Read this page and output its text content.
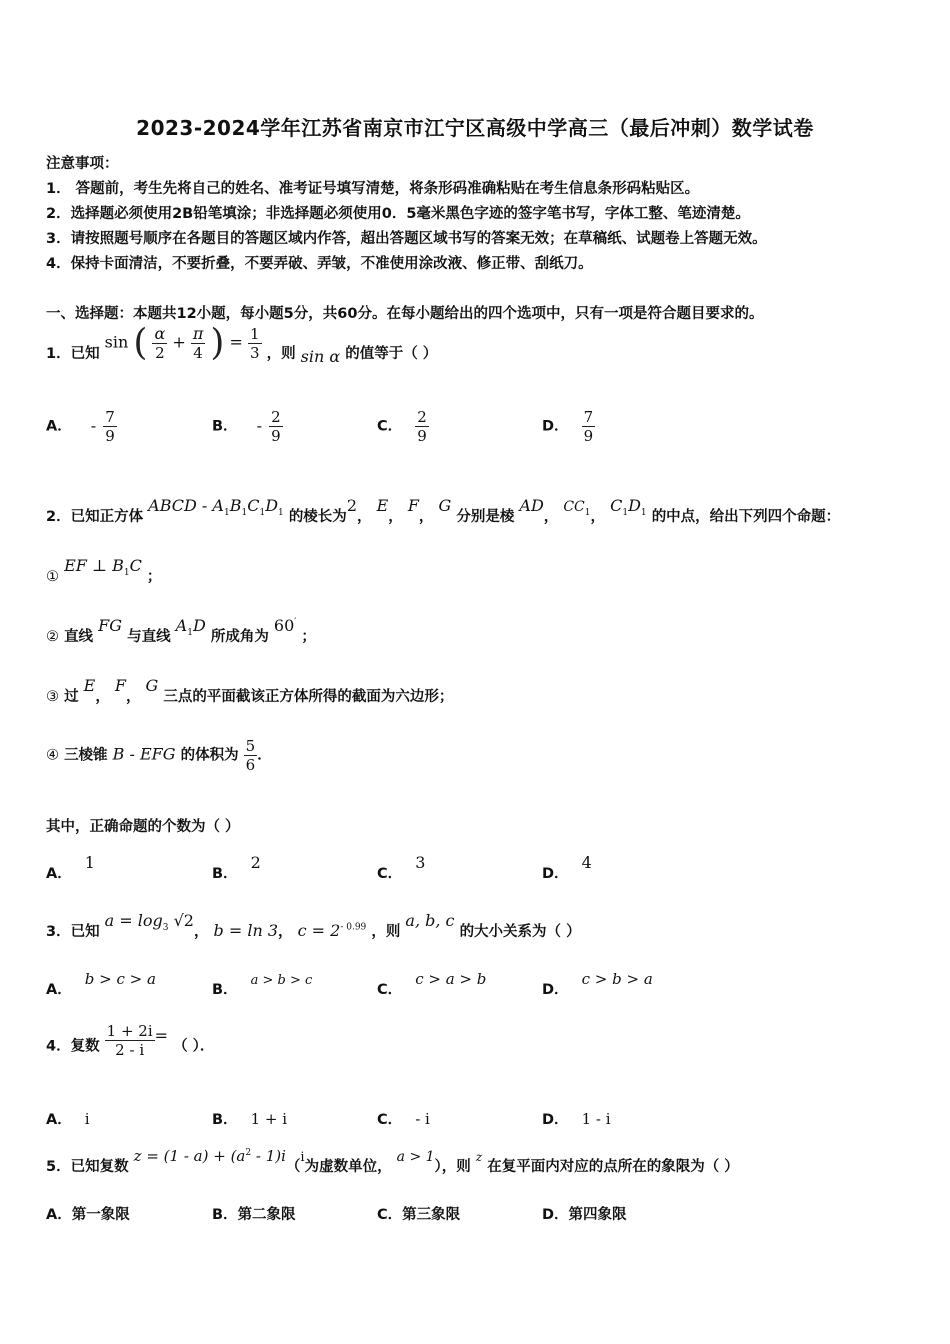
2023-2024学年江苏省南京市江宁区高级中学高三（最后冲刺）数学试卷
注意事项：
1． 答题前，考生先将自己的姓名、准考证号填写清楚，将条形码准确粘贴在考生信息条形码粘贴区。
2．选择题必须使用2B铅笔填涂；非选择题必须使用0．5毫米黑色字迹的签字笔书写，字体工整、笔迹清楚。
3．请按照题号顺序在各题目的答题区域内作答，超出答题区域书写的答案无效；在草稿纸、试题卷上答题无效。
4．保持卡面清洁，不要折叠，不要弄破、弄皱，不准使用涂改液、修正带、刮纸刀。
一、选择题：本题共12小题，每小题5分，共60分。在每小题给出的四个选项中，只有一项是符合题目要求的。
1．已知 sin ( $\frac{\alpha}{2} + \frac{\pi}{4}$ ) = $\frac{1}{3}$ ，则 sin α 的值等于（ ）
A． - $\frac{7}{9}$	B． - $\frac{2}{9}$	C． $\frac{2}{9}$	D． $\frac{7}{9}$
2．已知正方体 ABCD - $A_1B_1C_1D_1$ 的棱长为2， E， F， G 分别是棱 AD， $CC_1$， $C_1D_1$ 的中点，给出下列四个命题：
① EF ⊥ $B_1C$ ；
② 直线 FG 与直线 $A_1D$ 所成角为 60′ ；
③ 过 E， F， G 三点的平面截该正方体所得的截面为六边形；
④ 三棱锥 B - EFG 的体积为 $\frac{5}{6}$ ．
其中，正确命题的个数为（ ）
A． 1
B． 2
C． 3
D． 4
3．已知 $a = \log_3 √2$， b = ln 3， $c = 2^{- 0.99}$ ，则 a, b, c 的大小关系为（ ）
A． b > c > a
B． a > b > c
C． c > a > b
D． c > b > a
4．复数 $\frac{1 + 2i}{2 - i}$ = （ ）．
A． i	B． 1 + i	C． - i	D． 1 - i
5．已知复数 $z = (1 - a) + (a^2 - 1)i(i$为虚数单位， a > 1），则 $^z$ 在复平面内对应的点所在的象限为（ ）
A．第一象限	B．第二象限	C．第三象限	D．第四象限
